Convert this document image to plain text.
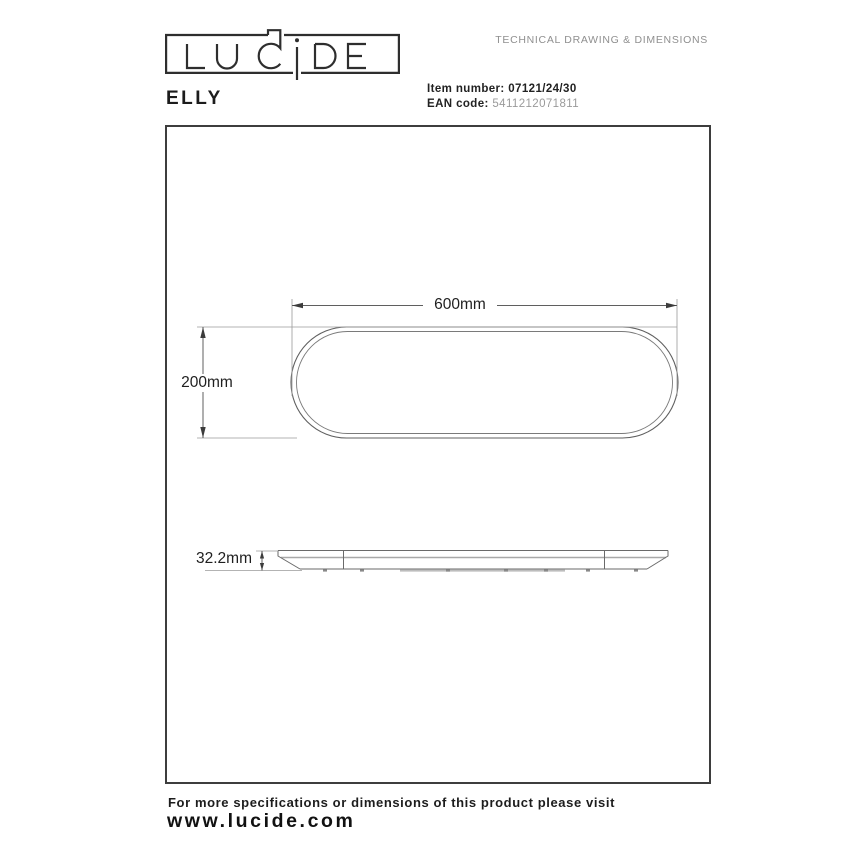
ELLY
TECHNICAL DRAWING & DIMENSIONS
Item number: 07121/24/30
EAN code: 5411212071811
600mm
200mm
32.2mm
For more specifications or dimensions of this product please visit
www.lucide.com
